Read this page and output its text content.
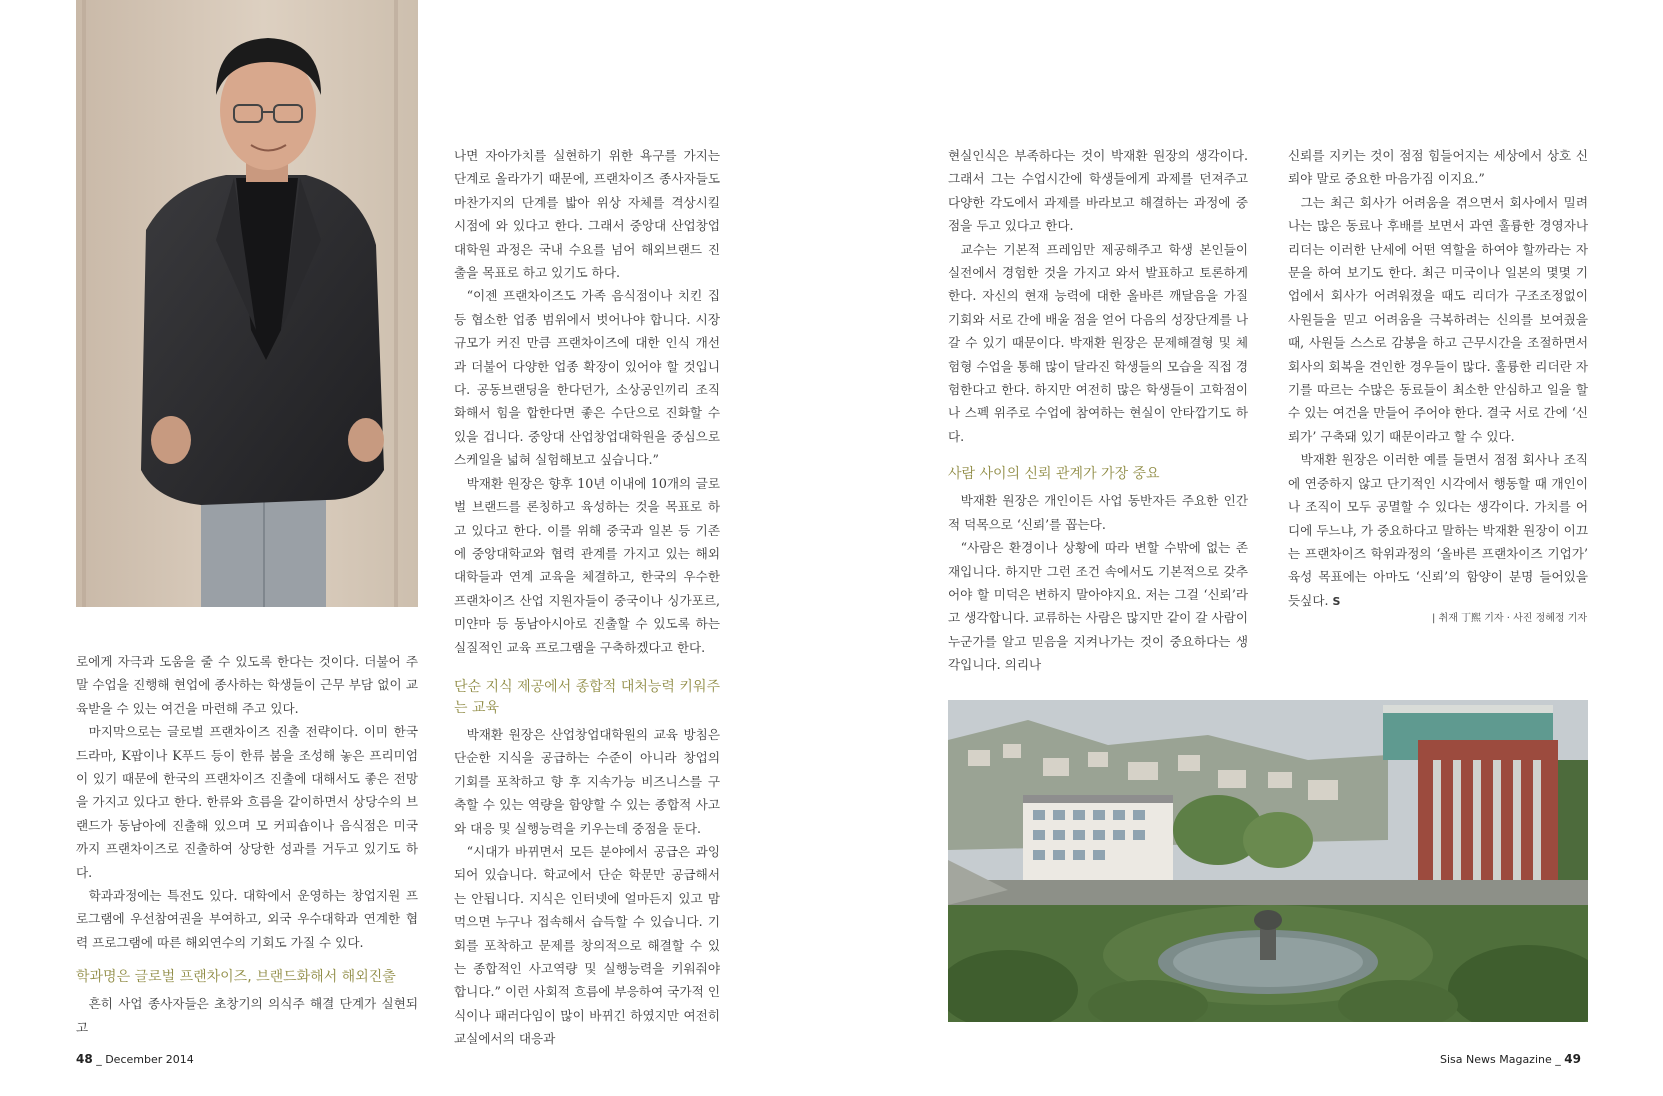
로에게 자극과 도움을 줄 수 있도록 한다는 것이다. 더불어 주말 수업을 진행해 현업에 종사하는 학생들이 근무 부담 없이 교육받을 수 있는 여건을 마련해 주고 있다.

마지막으로는 글로벌 프랜차이즈 진출 전략이다. 이미 한국 드라마, K팝이나 K푸드 등이 한류 붐을 조성해 놓은 프리미엄이 있기 때문에 한국의 프랜차이즈 진출에 대해서도 좋은 전망을 가지고 있다고 한다. 한류와 흐름을 같이하면서 상당수의 브랜드가 동남아에 진출해 있으며 모 커피숍이나 음식점은 미국까지 프랜차이즈로 진출하여 상당한 성과를 거두고 있기도 하다.

학과과정에는 특전도 있다. 대학에서 운영하는 창업지원 프로그램에 우선참여권을 부여하고, 외국 우수대학과 연계한 협력 프로그램에 따른 해외연수의 기회도 가질 수 있다.

학과명은 글로벌 프랜차이즈, 브랜드화해서 해외진출

흔히 사업 종사자들은 초창기의 의식주 해결 단계가 실현되고

나면 자아가치를 실현하기 위한 욕구를 가지는 단계로 올라가기 때문에, 프랜차이즈 종사자들도 마찬가지의 단계를 밟아 위상 자체를 격상시킬 시점에 와 있다고 한다. 그래서 중앙대 산업창업대학원 과정은 국내 수요를 넘어 해외브랜드 진출을 목표로 하고 있기도 하다.

“이젠 프랜차이즈도 가족 음식점이나 치킨 집 등 협소한 업종 범위에서 벗어나야 합니다. 시장 규모가 커진 만큼 프랜차이즈에 대한 인식 개선과 더불어 다양한 업종 확장이 있어야 할 것입니다. 공동브랜딩을 한다던가, 소상공인끼리 조직화해서 힘을 합한다면 좋은 수단으로 진화할 수 있을 겁니다. 중앙대 산업창업대학원을 중심으로 스케일을 넓혀 실험해보고 싶습니다.”

박재환 원장은 향후 10년 이내에 10개의 글로벌 브랜드를 론칭하고 육성하는 것을 목표로 하고 있다고 한다. 이를 위해 중국과 일본 등 기존에 중앙대학교와 협력 관계를 가지고 있는 해외 대학들과 연계 교육을 체결하고, 한국의 우수한 프랜차이즈 산업 지원자들이 중국이나 싱가포르, 미얀마 등 동남아시아로 진출할 수 있도록 하는 실질적인 교육 프로그램을 구축하겠다고 한다.

단순 지식 제공에서 종합적 대처능력 키워주는 교육

박재환 원장은 산업창업대학원의 교육 방침은 단순한 지식을 공급하는 수준이 아니라 창업의 기회를 포착하고 향 후 지속가능 비즈니스를 구축할 수 있는 역량을 함양할 수 있는 종합적 사고와 대응 및 실행능력을 키우는데 중점을 둔다.

“시대가 바뀌면서 모든 분야에서 공급은 과잉되어 있습니다. 학교에서 단순 학문만 공급해서는 안됩니다. 지식은 인터넷에 얼마든지 있고 맘먹으면 누구나 접속해서 습득할 수 있습니다. 기회를 포착하고 문제를 창의적으로 해결할 수 있는 종합적인 사고역량 및 실행능력을 키워줘야 합니다.” 이런 사회적 흐름에 부응하여 국가적 인식이나 패러다임이 많이 바뀌긴 하였지만 여전히 교실에서의 대응과

현실인식은 부족하다는 것이 박재환 원장의 생각이다. 그래서 그는 수업시간에 학생들에게 과제를 던져주고 다양한 각도에서 과제를 바라보고 해결하는 과정에 중점을 두고 있다고 한다.

교수는 기본적 프레임만 제공해주고 학생 본인들이 실전에서 경험한 것을 가지고 와서 발표하고 토론하게 한다. 자신의 현재 능력에 대한 올바른 깨달음을 가질 기회와 서로 간에 배울 점을 얻어 다음의 성장단계를 나갈 수 있기 때문이다. 박재환 원장은 문제해결형 및 체험형 수업을 통해 많이 달라진 학생들의 모습을 직접 경험한다고 한다. 하지만 여전히 많은 학생들이 고학점이나 스펙 위주로 수업에 참여하는 현실이 안타깝기도 하다.

사람 사이의 신뢰 관계가 가장 중요

박재환 원장은 개인이든 사업 동반자든 주요한 인간적 덕목으로 ‘신뢰’를 꼽는다.

“사람은 환경이나 상황에 따라 변할 수밖에 없는 존재입니다. 하지만 그런 조건 속에서도 기본적으로 갖추어야 할 미덕은 변하지 말아야지요. 저는 그걸 ‘신뢰’라고 생각합니다. 교류하는 사람은 많지만 같이 갈 사람이 누군가를 알고 믿음을 지켜나가는 것이 중요하다는 생각입니다. 의리나

신뢰를 지키는 것이 점점 힘들어지는 세상에서 상호 신뢰야 말로 중요한 마음가짐 이지요.”

그는 최근 회사가 어려움을 겪으면서 회사에서 밀려나는 많은 동료나 후배를 보면서 과연 훌륭한 경영자나 리더는 이러한 난세에 어떤 역할을 하여야 할까라는 자문을 하여 보기도 한다. 최근 미국이나 일본의 몇몇 기업에서 회사가 어려워졌을 때도 리더가 구조조정없이 사원들을 믿고 어려움을 극복하려는 신의를 보여줬을 때, 사원들 스스로 감봉을 하고 근무시간을 조절하면서 회사의 회복을 견인한 경우들이 많다. 훌륭한 리더란 자기를 따르는 수많은 동료들이 최소한 안심하고 일을 할 수 있는 여건을 만들어 주어야 한다. 결국 서로 간에 ‘신뢰가’ 구축돼 있기 때문이라고 할 수 있다.

박재환 원장은 이러한 예를 들면서 점점 회사나 조직에 연중하지 않고 단기적인 시각에서 행동할 때 개인이나 조직이 모두 공멸할 수 있다는 생각이다. 가치를 어디에 두느냐, 가 중요하다고 말하는 박재환 원장이 이끄는 프랜차이즈 학위과정의 ‘올바른 프랜차이즈 기업가’ 육성 목표에는 아마도 ‘신뢰’의 함양이 분명 들어있을 듯싶다. S

| 취재 丁熙 기자 · 사진 정혜정 기자
48 _ December 2014	Sisa News Magazine _ 49
